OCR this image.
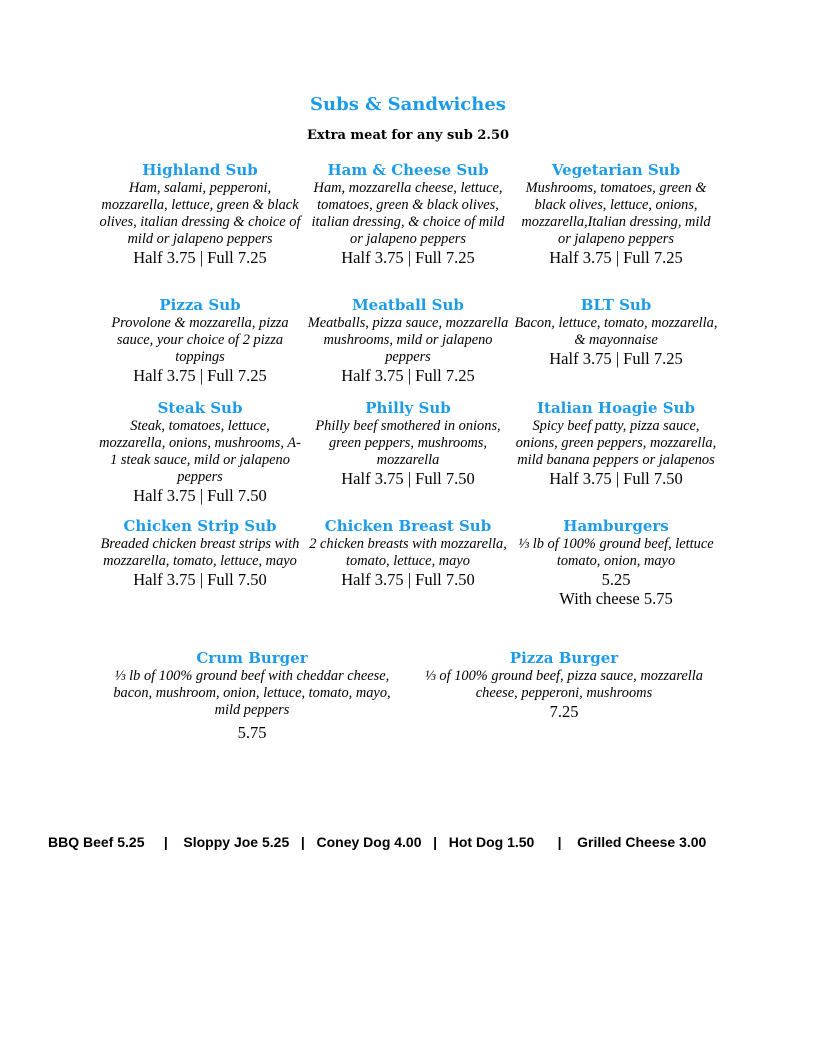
Subs & Sandwiches
Extra meat for any sub 2.50
Highland Sub
Ham, salami, pepperoni, mozzarella, lettuce, green & black olives, italian dressing & choice of mild or jalapeno peppers
Half 3.75 | Full 7.25
Ham & Cheese Sub
Ham, mozzarella cheese, lettuce, tomatoes, green & black olives, italian dressing, & choice of mild or jalapeno peppers
Half 3.75 | Full 7.25
Vegetarian Sub
Mushrooms, tomatoes, green & black olives, lettuce, onions, mozzarella,Italian dressing, mild or jalapeno peppers
Half 3.75 | Full 7.25
Pizza Sub
Provolone & mozzarella, pizza sauce, your choice of 2 pizza toppings
Half 3.75 | Full 7.25
Meatball Sub
Meatballs, pizza sauce, mozzarella mushrooms, mild or jalapeno peppers
Half 3.75 | Full 7.25
BLT Sub
Bacon, lettuce, tomato, mozzarella, & mayonnaise
Half 3.75 | Full 7.25
Steak Sub
Steak, tomatoes, lettuce, mozzarella, onions, mushrooms, A-1 steak sauce, mild or jalapeno peppers
Half 3.75 | Full 7.50
Philly Sub
Philly beef smothered in onions, green peppers, mushrooms, mozzarella
Half 3.75 | Full 7.50
Italian Hoagie Sub
Spicy beef patty, pizza sauce, onions, green peppers, mozzarella, mild banana peppers or jalapenos
Half 3.75 | Full 7.50
Chicken Strip Sub
Breaded chicken breast strips with mozzarella, tomato, lettuce, mayo
Half 3.75 | Full 7.50
Chicken Breast Sub
2 chicken breasts with mozzarella, tomato, lettuce, mayo
Half 3.75 | Full 7.50
Hamburgers
⅓ lb of 100% ground beef, lettuce tomato, onion, mayo
5.25
With cheese 5.75
Crum Burger
⅓ lb of 100% ground beef with cheddar cheese, bacon, mushroom, onion, lettuce, tomato, mayo, mild peppers
5.75
Pizza Burger
⅓ of 100% ground beef, pizza sauce, mozzarella cheese, pepperoni, mushrooms
7.25
BBQ Beef 5.25     |    Sloppy Joe 5.25   |   Coney Dog 4.00   |   Hot Dog 1.50      |    Grilled Cheese 3.00
